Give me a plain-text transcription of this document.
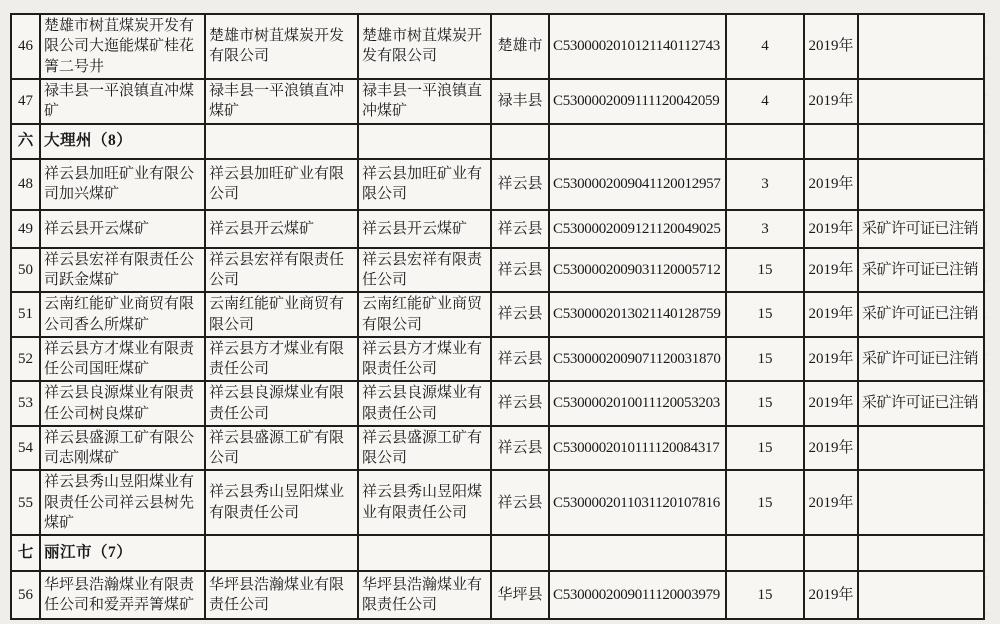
46	楚雄市树苴煤炭开发有限公司大迤能煤矿桂花箐二号井	楚雄市树苴煤炭开发有限公司	楚雄市树苴煤炭开发有限公司	楚雄市	C5300002010121140112743	4	2019年	
47	禄丰县一平浪镇直冲煤矿	禄丰县一平浪镇直冲煤矿	禄丰县一平浪镇直冲煤矿	禄丰县	C5300002009111120042059	4	2019年	
六	大理州（8）							
48	祥云县加旺矿业有限公司加兴煤矿	祥云县加旺矿业有限公司	祥云县加旺矿业有限公司	祥云县	C5300002009041120012957	3	2019年	
49	祥云县开云煤矿	祥云县开云煤矿	祥云县开云煤矿	祥云县	C5300002009121120049025	3	2019年	采矿许可证已注销
50	祥云县宏祥有限责任公司跃金煤矿	祥云县宏祥有限责任公司	祥云县宏祥有限责任公司	祥云县	C5300002009031120005712	15	2019年	采矿许可证已注销
51	云南红能矿业商贸有限公司香么所煤矿	云南红能矿业商贸有限公司	云南红能矿业商贸有限公司	祥云县	C5300002013021140128759	15	2019年	采矿许可证已注销
52	祥云县方才煤业有限责任公司国旺煤矿	祥云县方才煤业有限责任公司	祥云县方才煤业有限责任公司	祥云县	C5300002009071120031870	15	2019年	采矿许可证已注销
53	祥云县良源煤业有限责任公司树良煤矿	祥云县良源煤业有限责任公司	祥云县良源煤业有限责任公司	祥云县	C5300002010011120053203	15	2019年	采矿许可证已注销
54	祥云县盛源工矿有限公司志刚煤矿	祥云县盛源工矿有限公司	祥云县盛源工矿有限公司	祥云县	C5300002010111120084317	15	2019年	
55	祥云县秀山昱阳煤业有限责任公司祥云县树先煤矿	祥云县秀山昱阳煤业有限责任公司	祥云县秀山昱阳煤业有限责任公司	祥云县	C5300002011031120107816	15	2019年	
七	丽江市（7）							
56	华坪县浩瀚煤业有限责任公司和爱弄弄箐煤矿	华坪县浩瀚煤业有限责任公司	华坪县浩瀚煤业有限责任公司	华坪县	C5300002009011120003979	15	2019年	
